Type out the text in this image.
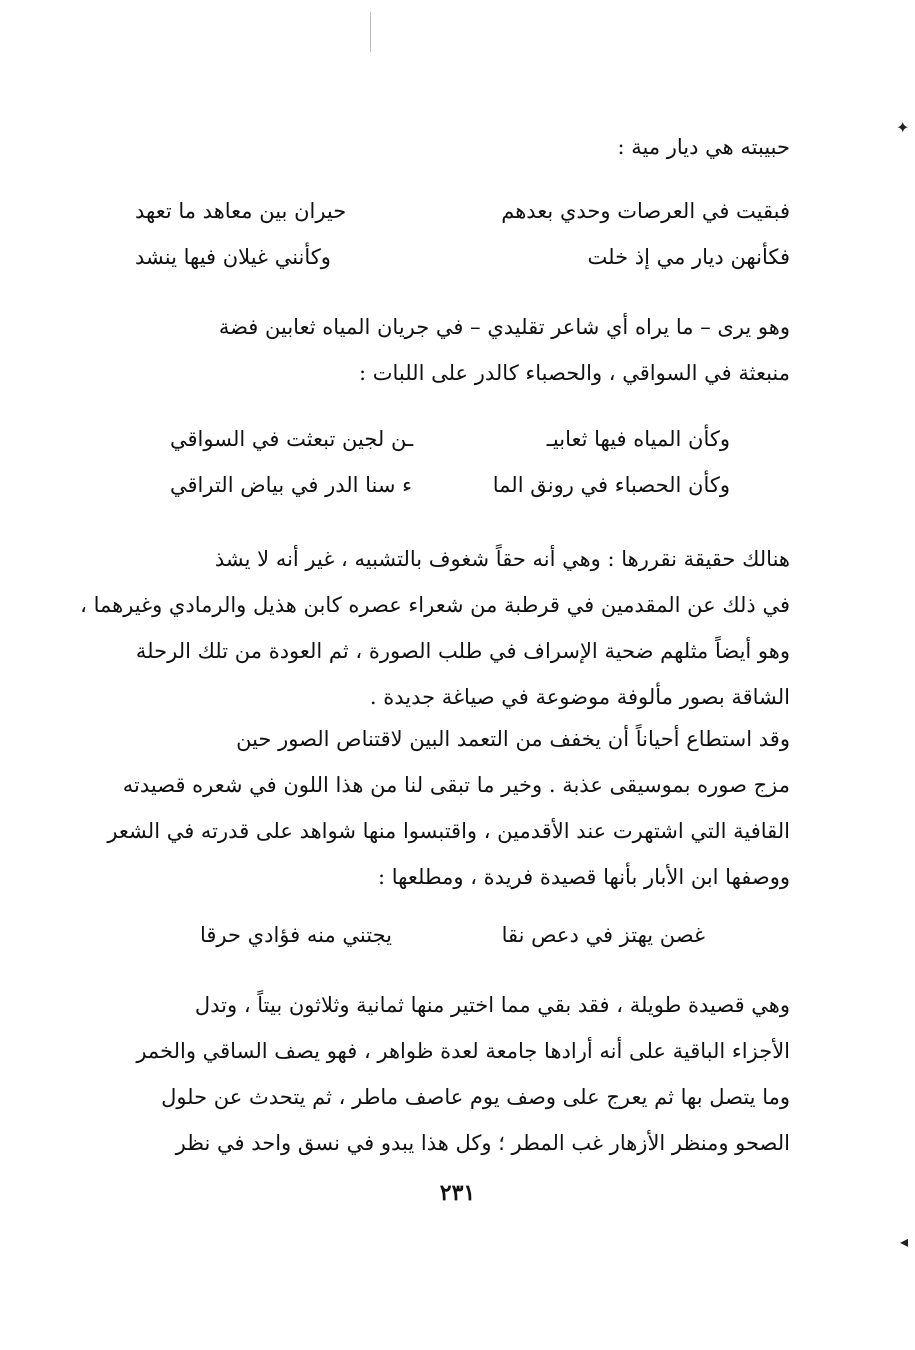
✦
◂
حبيبته هي ديار مية :
فبقيت في العرصات وحدي بعدهم
حيران بين معاهد ما تعهد
فكأنهن ديار مي إذ خلت
وكأنني غيلان فيها ينشد
وهو يرى – ما يراه أي شاعر تقليدي – في جريان المياه ثعابين فضة
منبعثة في السواقي ، والحصباء كالدر على اللبات :
وكأن المياه فيها ثعابيـ
ـن لجين تبعثت في السواقي
وكأن الحصباء في رونق الما
ء سنا الدر في بياض التراقي
هنالك حقيقة نقررها : وهي أنه حقاً شغوف بالتشبيه ، غير أنه لا يشذ
في ذلك عن المقدمين في قرطبة من شعراء عصره كابن هذيل والرمادي وغيرهما ،
وهو أيضاً مثلهم ضحية الإسراف في طلب الصورة ، ثم العودة من تلك الرحلة
الشاقة بصور مألوفة موضوعة في صياغة جديدة .
وقد استطاع أحياناً أن يخفف من التعمد البين لاقتناص الصور حين
مزج صوره بموسيقى عذبة . وخير ما تبقى لنا من هذا اللون في شعره قصيدته
القافية التي اشتهرت عند الأقدمين ، واقتبسوا منها شواهد على قدرته في الشعر
ووصفها ابن الأبار بأنها قصيدة فريدة ، ومطلعها :
غصن يهتز في دعص نقا
يجتني منه فؤادي حرقا
وهي قصيدة طويلة ، فقد بقي مما اختير منها ثمانية وثلاثون بيتاً ، وتدل
الأجزاء الباقية على أنه أرادها جامعة لعدة ظواهر ، فهو يصف الساقي والخمر
وما يتصل بها ثم يعرج على وصف يوم عاصف ماطر ، ثم يتحدث عن حلول
الصحو ومنظر الأزهار غب المطر ؛ وكل هذا يبدو في نسق واحد في نظر
٢٣١
